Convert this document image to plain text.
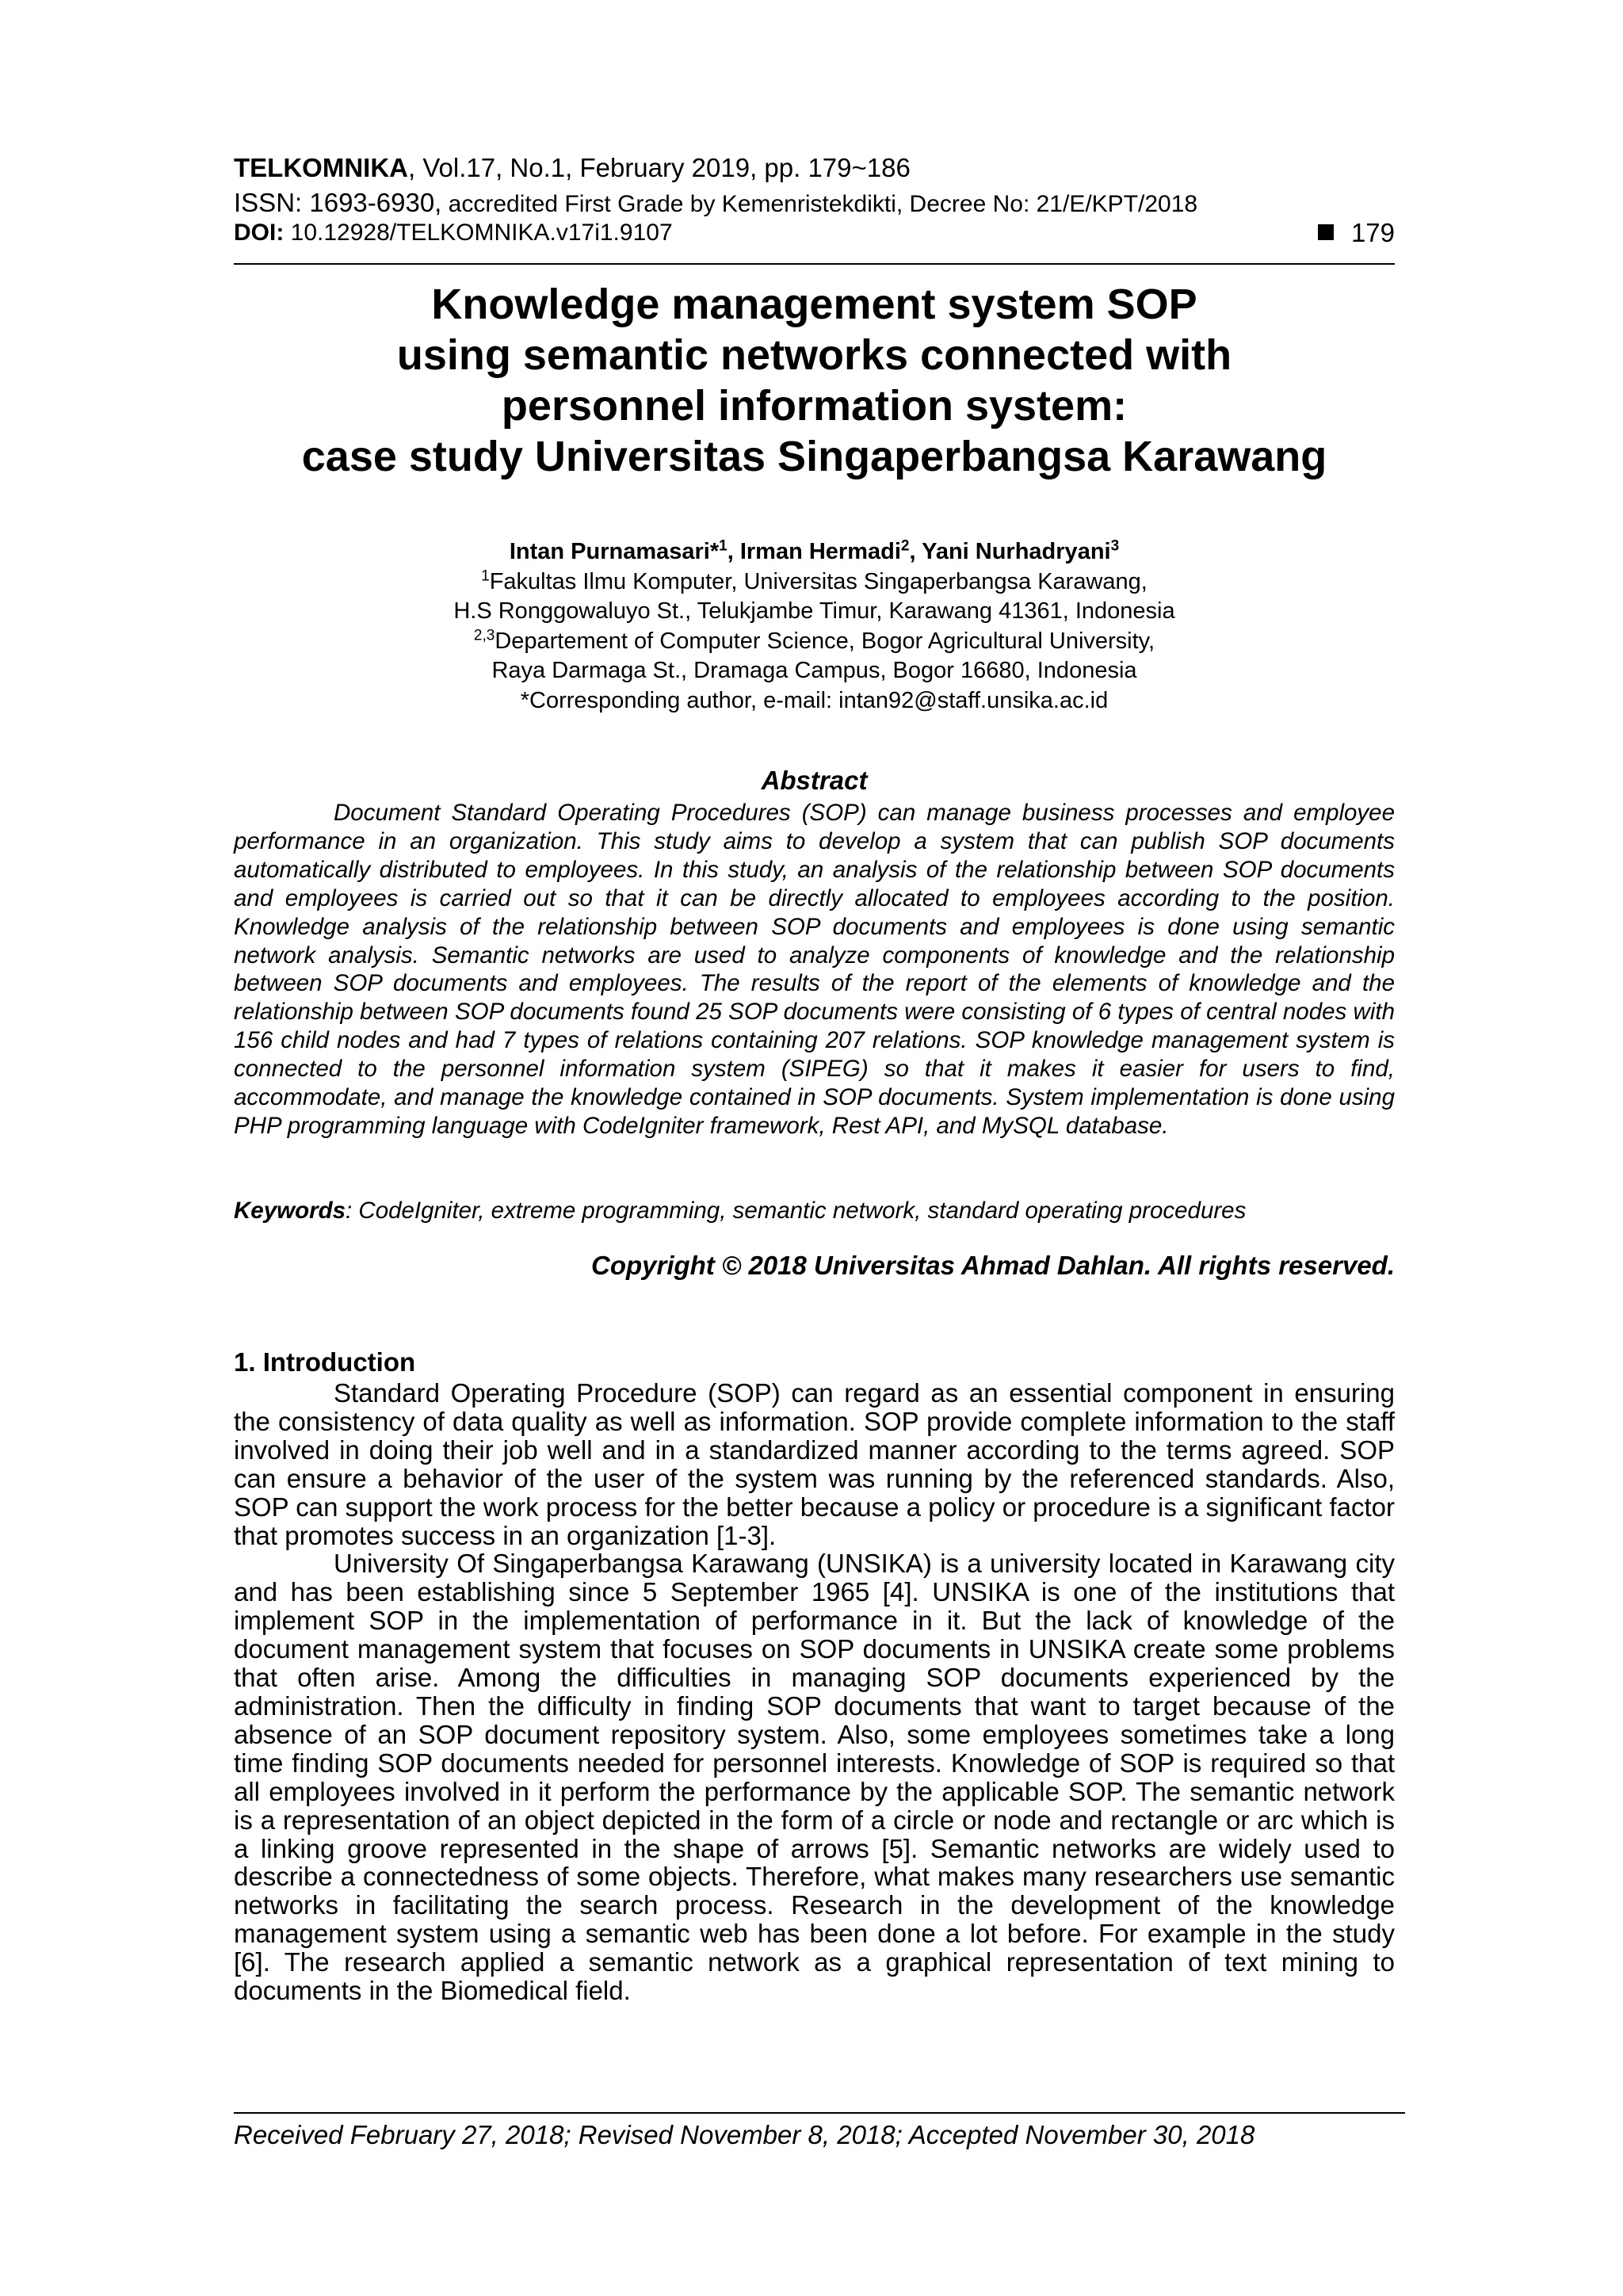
TELKOMNIKA, Vol.17, No.1, February 2019, pp. 179~186
ISSN: 1693-6930, accredited First Grade by Kemenristekdikti, Decree No: 21/E/KPT/2018
DOI: 10.12928/TELKOMNIKA.v17i1.9107	179
Knowledge management system SOP
using semantic networks connected with
personnel information system:
case study Universitas Singaperbangsa Karawang
Intan Purnamasari*$^1$, Irman Hermadi$^2$, Yani Nurhadryani$^3$
$^1$Fakultas Ilmu Komputer, Universitas Singaperbangsa Karawang,
H.S Ronggowaluyo St., Telukjambe Timur, Karawang 41361, Indonesia
$^{2,3}$Departement of Computer Science, Bogor Agricultural University,
Raya Darmaga St., Dramaga Campus, Bogor 16680, Indonesia
*Corresponding author, e-mail: intan92@staff.unsika.ac.id
Abstract
Document Standard Operating Procedures (SOP) can manage business processes and employee performance in an organization. This study aims to develop a system that can publish SOP documents automatically distributed to employees. In this study, an analysis of the relationship between SOP documents and employees is carried out so that it can be directly allocated to employees according to the position. Knowledge analysis of the relationship between SOP documents and employees is done using semantic network analysis. Semantic networks are used to analyze components of knowledge and the relationship between SOP documents and employees. The results of the report of the elements of knowledge and the relationship between SOP documents found 25 SOP documents were consisting of 6 types of central nodes with 156 child nodes and had 7 types of relations containing 207 relations. SOP knowledge management system is connected to the personnel information system (SIPEG) so that it makes it easier for users to find, accommodate, and manage the knowledge contained in SOP documents. System implementation is done using PHP programming language with CodeIgniter framework, Rest API, and MySQL database.
Keywords: CodeIgniter, extreme programming, semantic network, standard operating procedures
Copyright © 2018 Universitas Ahmad Dahlan. All rights reserved.
1. Introduction

Standard Operating Procedure (SOP) can regard as an essential component in ensuring the consistency of data quality as well as information. SOP provide complete information to the staff involved in doing their job well and in a standardized manner according to the terms agreed. SOP can ensure a behavior of the user of the system was running by the referenced standards. Also, SOP can support the work process for the better because a policy or procedure is a significant factor that promotes success in an organization [1-3].

University Of Singaperbangsa Karawang (UNSIKA) is a university located in Karawang city and has been establishing since 5 September 1965 [4]. UNSIKA is one of the institutions that implement SOP in the implementation of performance in it. But the lack of knowledge of the document management system that focuses on SOP documents in UNSIKA create some problems that often arise. Among the difficulties in managing SOP documents experienced by the administration. Then the difficulty in finding SOP documents that want to target because of the absence of an SOP document repository system. Also, some employees sometimes take a long time finding SOP documents needed for personnel interests. Knowledge of SOP is required so that all employees involved in it perform the performance by the applicable SOP. The semantic network is a representation of an object depicted in the form of a circle or node and rectangle or arc which is a linking groove represented in the shape of arrows [5]. Semantic networks are widely used to describe a connectedness of some objects. Therefore, what makes many researchers use semantic networks in facilitating the search process. Research in the development of the knowledge management system using a semantic web has been done a lot before. For example in the study [6]. The research applied a semantic network as a graphical representation of text mining to documents in the Biomedical field.

Received February 27, 2018; Revised November 8, 2018; Accepted November 30, 2018
